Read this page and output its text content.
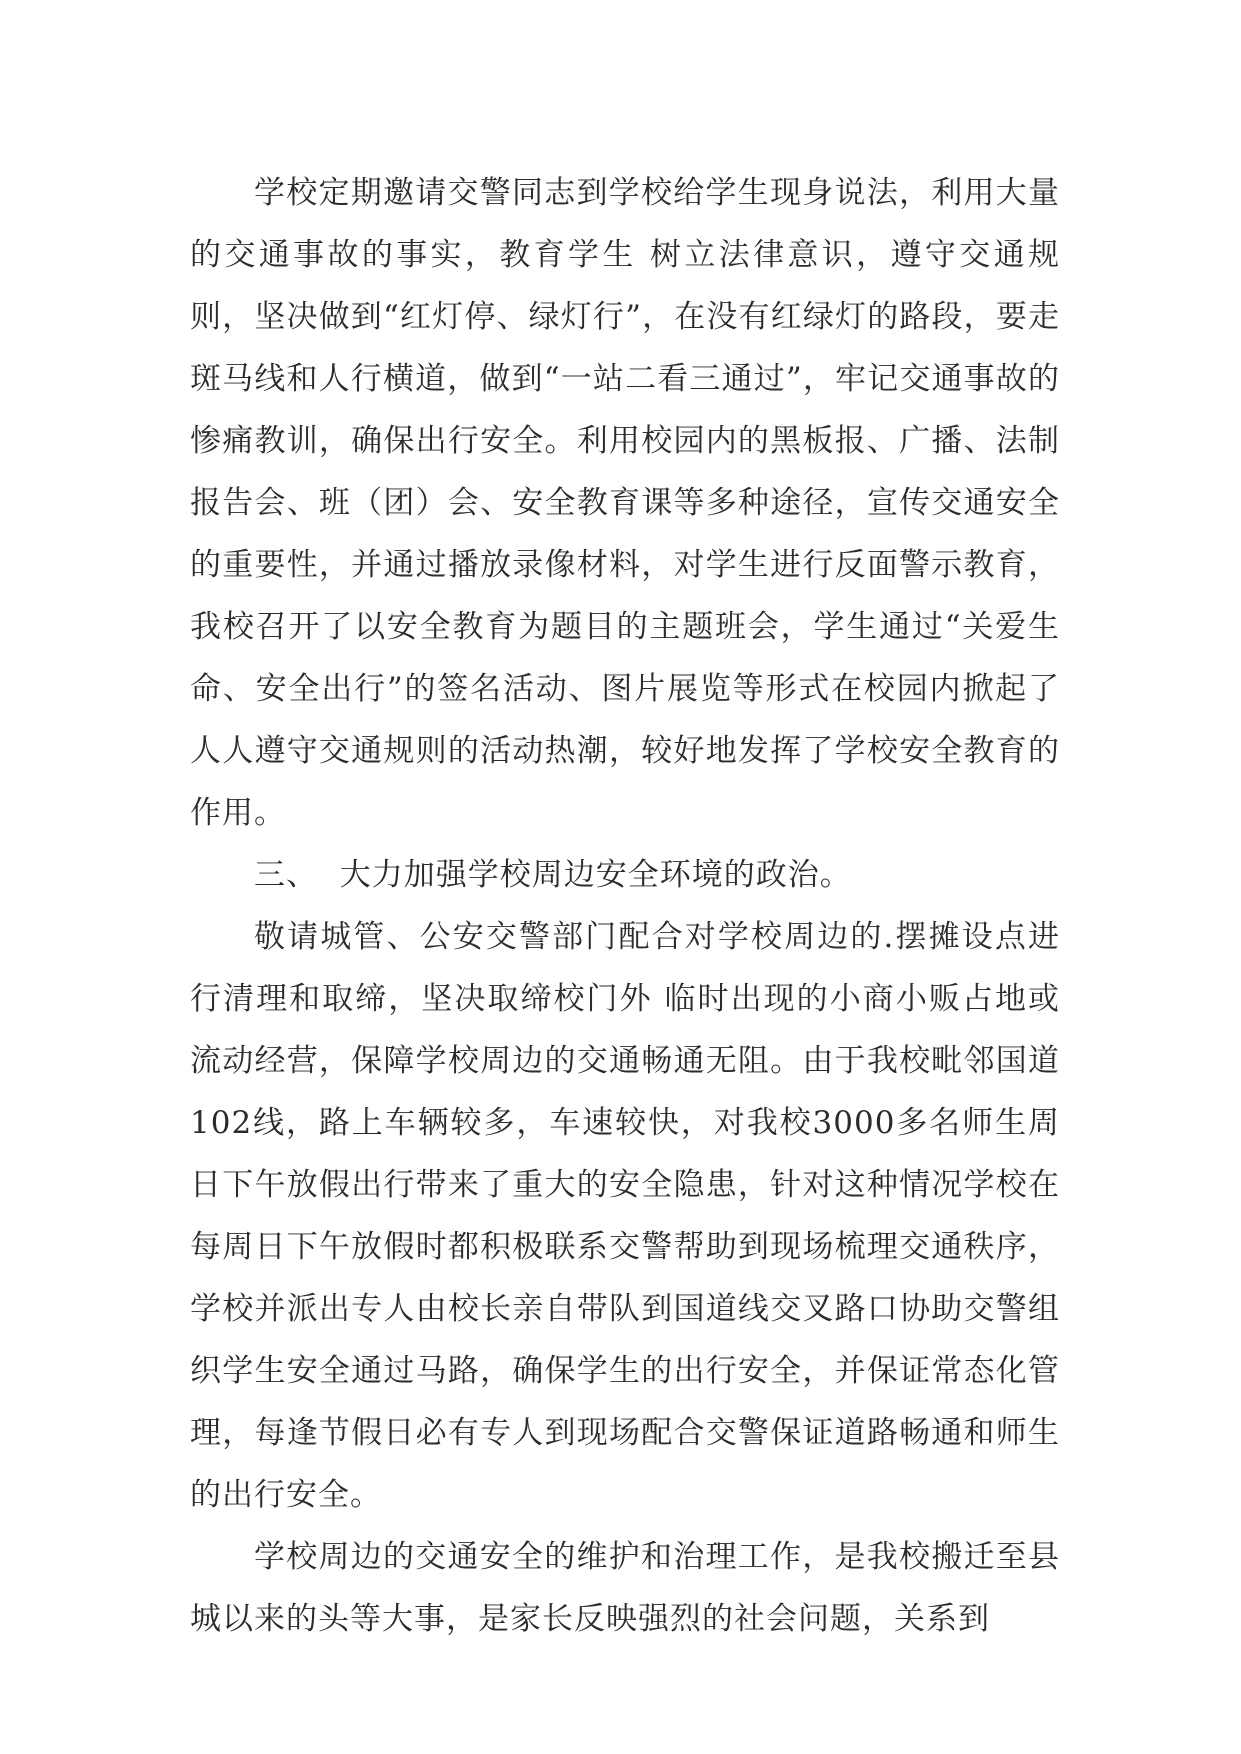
学校定期邀请交警同志到学校给学生现身说法，利用大量的交通事故的事实，教育学生 树立法律意识，遵守交通规则，坚决做到“红灯停、绿灯行”，在没有红绿灯的路段，要走斑马线和人行横道，做到“一站二看三通过”，牢记交通事故的惨痛教训，确保出行安全。利用校园内的黑板报、广播、法制报告会、班（团）会、安全教育课等多种途径，宣传交通安全的重要性，并通过播放录像材料，对学生进行反面警示教育，我校召开了以安全教育为题目的主题班会，学生通过“关爱生命、安全出行”的签名活动、图片展览等形式在校园内掀起了人人遵守交通规则的活动热潮，较好地发挥了学校安全教育的作用。

三、  大力加强学校周边安全环境的政治。

敬请城管、公安交警部门配合对学校周边的.摆摊设点进行清理和取缔，坚决取缔校门外 临时出现的小商小贩占地或流动经营，保障学校周边的交通畅通无阻。由于我校毗邻国道102线，路上车辆较多，车速较快，对我校3000多名师生周日下午放假出行带来了重大的安全隐患，针对这种情况学校在每周日下午放假时都积极联系交警帮助到现场梳理交通秩序，学校并派出专人由校长亲自带队到国道线交叉路口协助交警组织学生安全通过马路，确保学生的出行安全，并保证常态化管理，每逢节假日必有专人到现场配合交警保证道路畅通和师生的出行安全。

学校周边的交通安全的维护和治理工作，是我校搬迁至县城以来的头等大事，是家长反映强烈的社会问题，关系到
